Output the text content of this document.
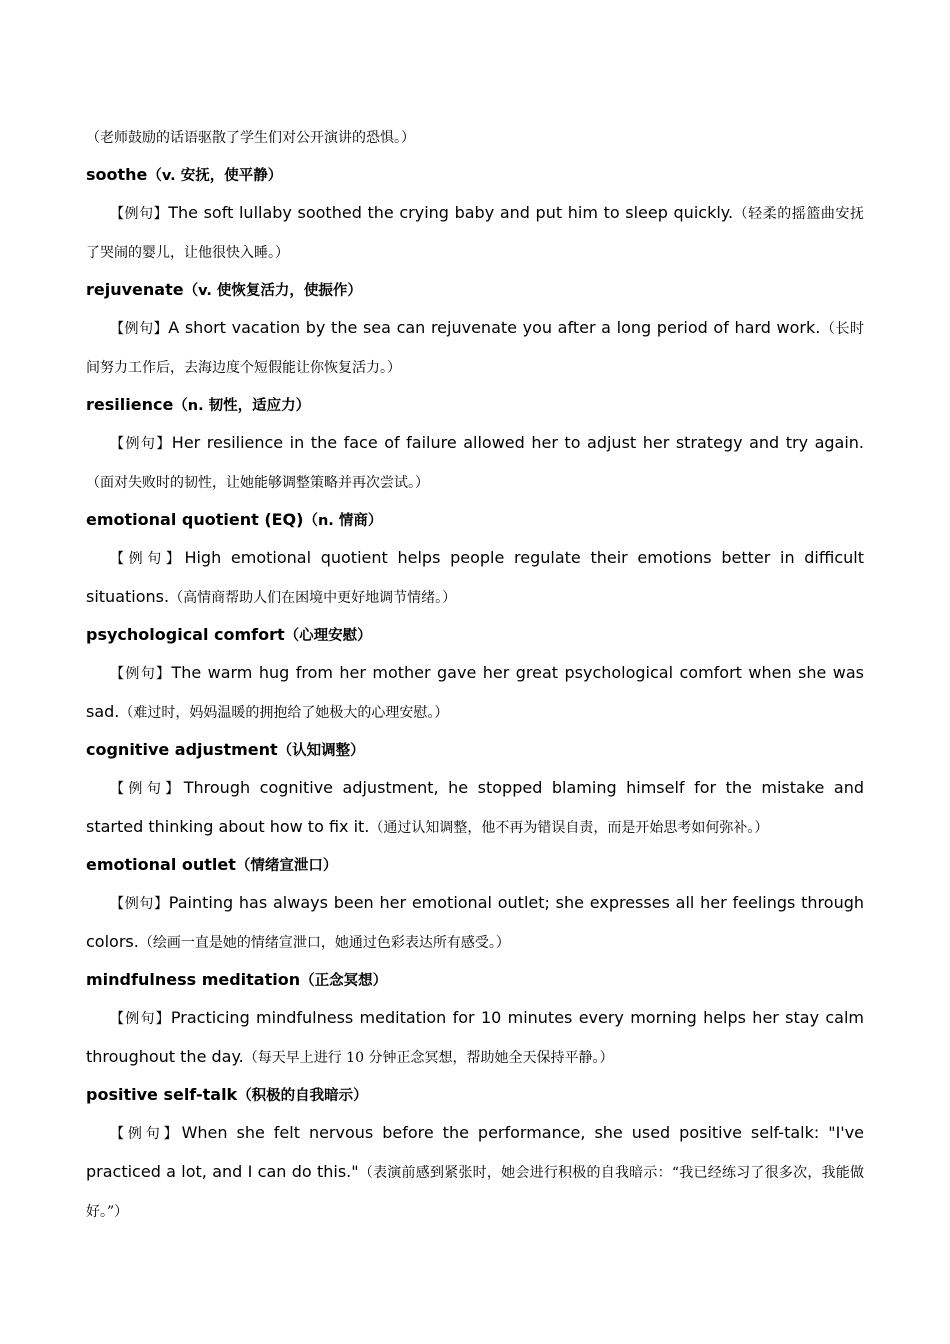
（老师鼓励的话语驱散了学生们对公开演讲的恐惧。）

soothe（v. 安抚，使平静）

【例句】The soft lullaby soothed the crying baby and put him to sleep quickly.（轻柔的摇篮曲安抚了哭闹的婴儿，让他很快入睡。）

rejuvenate（v. 使恢复活力，使振作）

【例句】A short vacation by the sea can rejuvenate you after a long period of hard work.（长时间努力工作后，去海边度个短假能让你恢复活力。）

resilience（n. 韧性，适应力）

【例句】Her resilience in the face of failure allowed her to adjust her strategy and try again.（面对失败时的韧性，让她能够调整策略并再次尝试。）

emotional quotient (EQ)（n. 情商）

【例句】High emotional quotient helps people regulate their emotions better in difficult situations.（高情商帮助人们在困境中更好地调节情绪。）

psychological comfort（心理安慰）

【例句】The warm hug from her mother gave her great psychological comfort when she was sad.（难过时，妈妈温暖的拥抱给了她极大的心理安慰。）

cognitive adjustment（认知调整）

【例句】Through cognitive adjustment, he stopped blaming himself for the mistake and started thinking about how to fix it.（通过认知调整，他不再为错误自责，而是开始思考如何弥补。）

emotional outlet（情绪宣泄口）

【例句】Painting has always been her emotional outlet; she expresses all her feelings through colors.（绘画一直是她的情绪宣泄口，她通过色彩表达所有感受。）

mindfulness meditation（正念冥想）

【例句】Practicing mindfulness meditation for 10 minutes every morning helps her stay calm throughout the day.（每天早上进行 10 分钟正念冥想，帮助她全天保持平静。）

positive self-talk（积极的自我暗示）

【例句】When she felt nervous before the performance, she used positive self-talk: "I've practiced a lot, and I can do this."（表演前感到紧张时，她会进行积极的自我暗示：“我已经练习了很多次，我能做好。”）
